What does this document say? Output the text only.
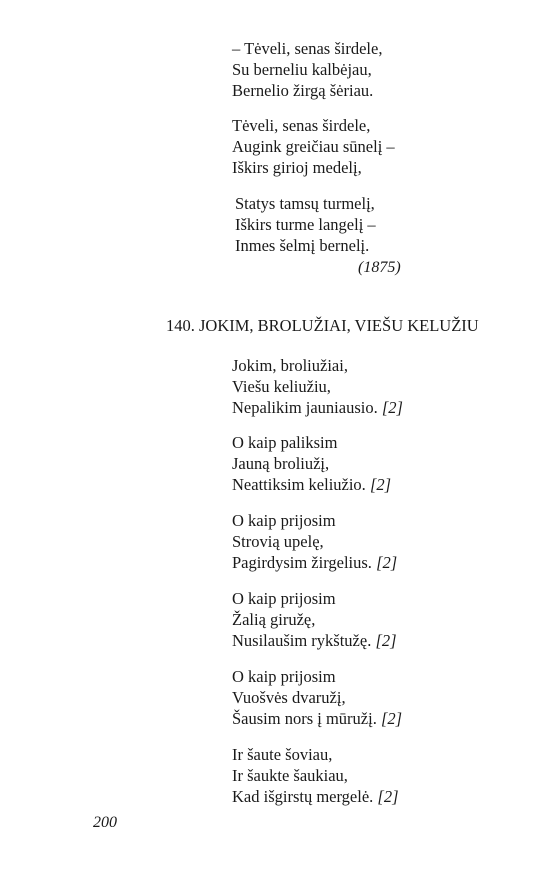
– Tėveli, senas širdele,
Su berneliu kalbėjau,
Bernelio žirgą šėriau.
Tėveli, senas širdele,
Augink greičiau sūnelį –
Iškirs girioj medelį,
Statys tamsų turmelį,
Iškirs turme langelį –
Inmes šelmį bernelį.
(1875)
140. JOKIM, BROLUŽIAI, VIEŠU KELUŽIU
Jokim, broliužiai,
Viešu keliužiu,
Nepalikim jauniausio. [2]
O kaip paliksim
Jauną broliužį,
Neattiksim keliužio. [2]
O kaip prijosim
Strovią upelę,
Pagirdysim žirgelius. [2]
O kaip prijosim
Žalią giružę,
Nusilaušim rykštužę. [2]
O kaip prijosim
Vuošvės dvaružį,
Šausim nors į mūružį. [2]
Ir šaute šoviau,
Ir šaukte šaukiau,
Kad išgirstų mergelė. [2]
200
